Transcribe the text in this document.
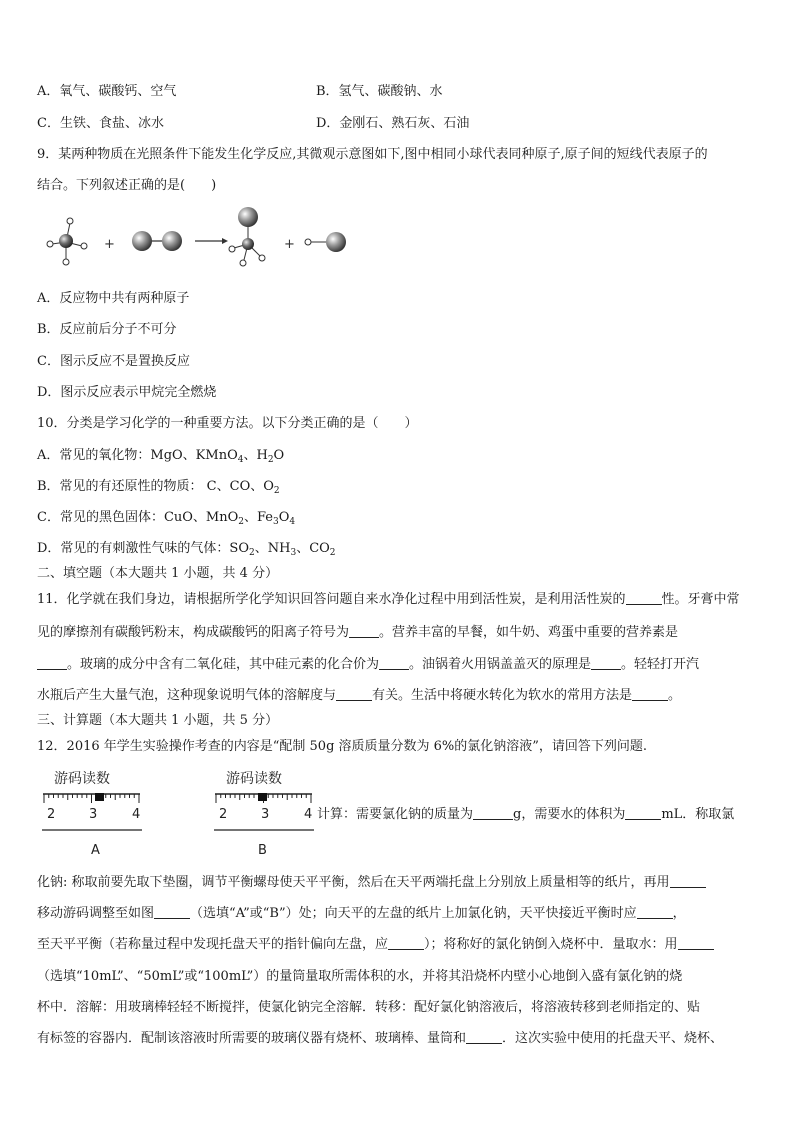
A．氧气、碳酸钙、空气	B．氢气、碳酸钠、水
C．生铁、食盐、冰水	D．金刚石、熟石灰、石油
9．某两种物质在光照条件下能发生化学反应,其微观示意图如下,图中相同小球代表同种原子,原子间的短线代表原子的
结合。下列叙述正确的是(　　)
+	+
A．反应物中共有两种原子
B．反应前后分子不可分
C．图示反应不是置换反应
D．图示反应表示甲烷完全燃烧
10．分类是学习化学的一种重要方法。以下分类正确的是（　　）
A．常见的氧化物：MgO、KMnO$_4$、$H_2O$
B．常见的有还原性的物质： C、CO、$O_2$
C．常见的黑色固体：CuO、MnO$_2$、$Fe_3O_4$
D．常见的有刺激性气味的气体：$SO_2$、$NH_3$、$CO_2$
二、填空题（本大题共 1 小题，共 4 分）
11．化学就在我们身边，请根据所学化学知识回答问题自来水净化过程中用到活性炭，是利用活性炭的	性。牙膏中常
见的摩擦剂有碳酸钙粉末，构成碳酸钙的阳离子符号为 。营养丰富的早餐，如牛奶、鸡蛋中重要的营养素是
。玻璃的成分中含有二氧化硅，其中硅元素的化合价为 。油锅着火用锅盖盖灭的原理是 。轻轻打开汽
水瓶后产生大量气泡，这种现象说明气体的溶解度与	有关。生活中将硬水转化为软水的常用方法是	。
三、计算题（本大题共 1 小题，共 5 分）
12．2016 年学生实验操作考查的内容是“配制 50g 溶质质量分数为 6%的氯化钠溶液”，请回答下列问题.
游码读数
2	3	4
A
游码读数
2	3	4
B
计算：需要氯化钠的质量为	g，需要水的体积为	mL．称取氯
化钠: 称取前要先取下垫圈，调节平衡螺母使天平平衡，然后在天平两端托盘上分别放上质量相等的纸片，再用
移动游码调整至如图	（选填“A”或“B”）处；向天平的左盘的纸片上加氯化钠，天平快接近平衡时应	，
至天平平衡（若称量过程中发现托盘天平的指针偏向左盘，应	）；将称好的氯化钠倒入烧杯中．量取水：用
（选填“10mL”、“50mL”或“100mL”）的量筒量取所需体积的水，并将其沿烧杯内壁小心地倒入盛有氯化钠的烧
杯中．溶解：用玻璃棒轻轻不断搅拌，使氯化钠完全溶解．转移：配好氯化钠溶液后，将溶液转移到老师指定的、贴
有标签的容器内．配制该溶液时所需要的玻璃仪器有烧杯、玻璃棒、量筒和	．这次实验中使用的托盘天平、烧杯、
